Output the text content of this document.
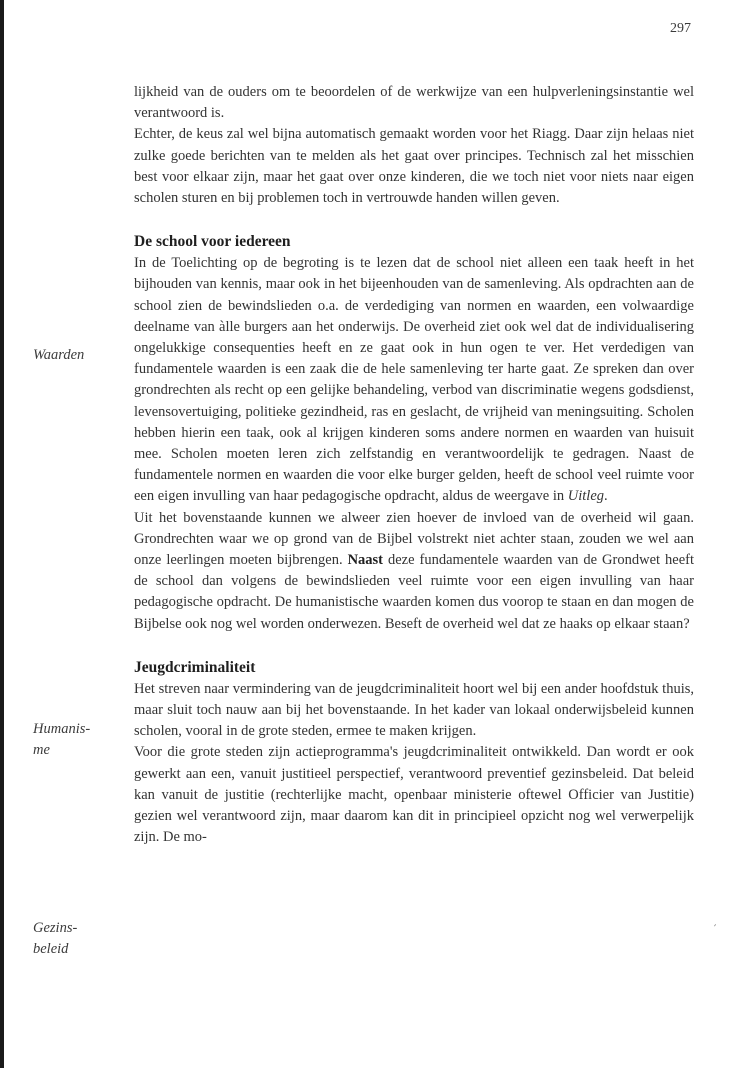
297
Waarden
Humanis-
me
Gezins-
beleid
′

lijkheid van de ouders om te beoordelen of de werkwijze van een hulpverleningsinstantie wel verantwoord is.

Echter, de keus zal wel bijna automatisch gemaakt worden voor het Riagg. Daar zijn helaas niet zulke goede berichten van te melden als het gaat over principes. Technisch zal het misschien best voor elkaar zijn, maar het gaat over onze kinderen, die we toch niet voor niets naar eigen scholen sturen en bij problemen toch in vertrouwde handen willen geven.

De school voor iedereen

In de Toelichting op de begroting is te lezen dat de school niet alleen een taak heeft in het bijhouden van kennis, maar ook in het bijeenhouden van de samenleving. Als opdrachten aan de school zien de bewindslieden o.a. de verdediging van normen en waarden, een volwaardige deelname van àlle burgers aan het onderwijs. De overheid ziet ook wel dat de individualisering ongelukkige consequenties heeft en ze gaat ook in hun ogen te ver. Het verdedigen van fundamentele waarden is een zaak die de hele samenleving ter harte gaat. Ze spreken dan over grondrechten als recht op een gelijke behandeling, verbod van discriminatie wegens godsdienst, levensovertuiging, politieke gezindheid, ras en geslacht, de vrijheid van meningsuiting. Scholen hebben hierin een taak, ook al krijgen kinderen soms andere normen en waarden van huisuit mee. Scholen moeten leren zich zelfstandig en verantwoordelijk te gedragen. Naast de fundamentele normen en waarden die voor elke burger gelden, heeft de school veel ruimte voor een eigen invulling van haar pedagogische opdracht, aldus de weergave in Uitleg.

Uit het bovenstaande kunnen we alweer zien hoever de invloed van de overheid wil gaan. Grondrechten waar we op grond van de Bijbel volstrekt niet achter staan, zouden we wel aan onze leerlingen moeten bijbrengen. Naast deze fundamentele waarden van de Grondwet heeft de school dan volgens de bewindslieden veel ruimte voor een eigen invulling van haar pedagogische opdracht. De humanistische waarden komen dus voorop te staan en dan mogen de Bijbelse ook nog wel worden onderwezen. Beseft de overheid wel dat ze haaks op elkaar staan?

Jeugdcriminaliteit

Het streven naar vermindering van de jeugdcriminaliteit hoort wel bij een ander hoofdstuk thuis, maar sluit toch nauw aan bij het bovenstaande. In het kader van lokaal onderwijsbeleid kunnen scholen, vooral in de grote steden, ermee te maken krijgen.

Voor die grote steden zijn actieprogramma's jeugdcriminaliteit ontwikkeld. Dan wordt er ook gewerkt aan een, vanuit justitieel perspectief, verantwoord preventief gezinsbeleid. Dat beleid kan vanuit de justitie (rechterlijke macht, openbaar ministerie oftewel Officier van Justitie) gezien wel verantwoord zijn, maar daarom kan dit in principieel opzicht nog wel verwerpelijk zijn. De mo-
